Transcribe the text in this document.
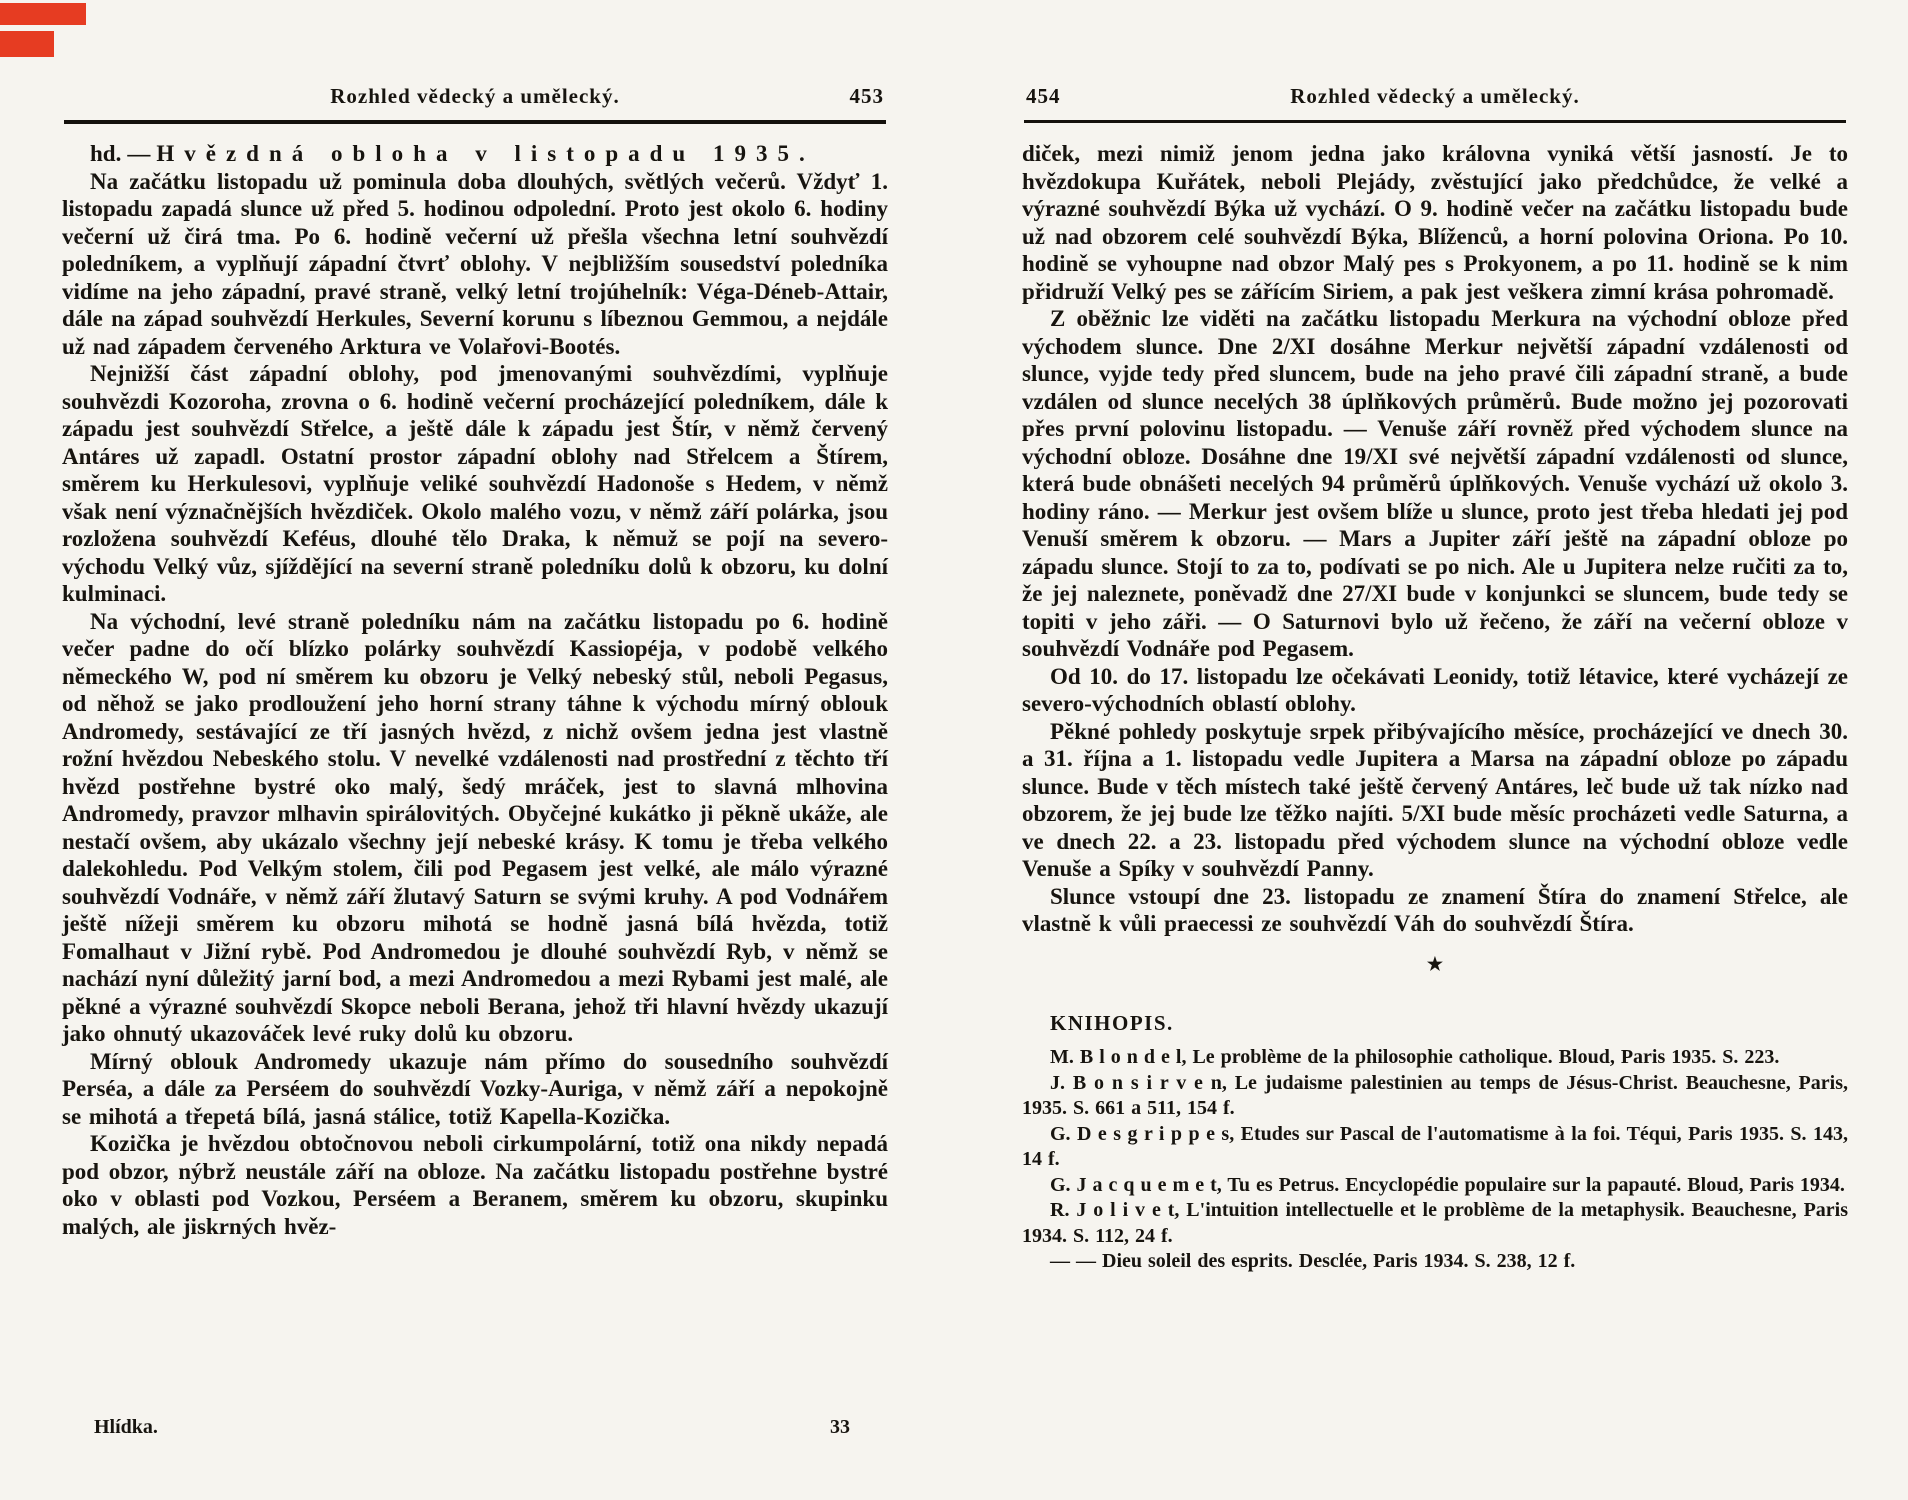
Rozhled vědecký a umělecký.	453

hd. — Hvězdná obloha v listopadu 1935.

Na začátku listopadu už pominula doba dlouhých, světlých večerů. Vždyť 1. listopadu zapadá slunce už před 5. hodinou odpolední. Proto jest okolo 6. hodiny večerní už čirá tma. Po 6. hodině večerní už přešla všechna letní souhvězdí poledníkem, a vyplňují západní čtvrť oblohy. V nejbližším sousedství poledníka vidíme na jeho západní, pravé straně, velký letní trojúhelník: Véga-Déneb-Attair, dále na západ souhvězdí Herkules, Severní korunu s líbeznou Gemmou, a nejdále už nad západem červeného Arktura ve Volařovi-Bootés.

Nejnižší část západní oblohy, pod jmenovanými souhvězdími, vyplňuje souhvězdi Kozoroha, zrovna o 6. hodině večerní procházející poledníkem, dále k západu jest souhvězdí Střelce, a ještě dále k západu jest Štír, v němž červený Antáres už zapadl. Ostatní prostor západní oblohy nad Střelcem a Štírem, směrem ku Herkulesovi, vyplňuje veliké souhvězdí Hadonoše s Hedem, v němž však není význačnějších hvězdiček. Okolo malého vozu, v němž září polárka, jsou rozložena souhvězdí Keféus, dlouhé tělo Draka, k němuž se pojí na severo-východu Velký vůz, sjíždějící na severní straně poledníku dolů k obzoru, ku dolní kulminaci.

Na východní, levé straně poledníku nám na začátku listopadu po 6. hodině večer padne do očí blízko polárky souhvězdí Kassiopéja, v podobě velkého německého W, pod ní směrem ku obzoru je Velký nebeský stůl, neboli Pegasus, od něhož se jako prodloužení jeho horní strany táhne k východu mírný oblouk Andromedy, sestávající ze tří jasných hvězd, z nichž ovšem jedna jest vlastně rožní hvězdou Nebeského stolu. V nevelké vzdálenosti nad prostřední z těchto tří hvězd postřehne bystré oko malý, šedý mráček, jest to slavná mlhovina Andromedy, pravzor mlhavin spirálovitých. Obyčejné kukátko ji pěkně ukáže, ale nestačí ovšem, aby ukázalo všechny její nebeské krásy. K tomu je třeba velkého dalekohledu. Pod Velkým stolem, čili pod Pegasem jest velké, ale málo výrazné souhvězdí Vodnáře, v němž září žlutavý Saturn se svými kruhy. A pod Vodnářem ještě nížeji směrem ku obzoru mihotá se hodně jasná bílá hvězda, totiž Fomalhaut v Jižní rybě. Pod Andromedou je dlouhé souhvězdí Ryb, v němž se nachází nyní důležitý jarní bod, a mezi Andromedou a mezi Rybami jest malé, ale pěkné a výrazné souhvězdí Skopce neboli Berana, jehož tři hlavní hvězdy ukazují jako ohnutý ukazováček levé ruky dolů ku obzoru.

Mírný oblouk Andromedy ukazuje nám přímo do sousedního souhvězdí Perséa, a dále za Perséem do souhvězdí Vozky-Auriga, v němž září a nepokojně se mihotá a třepetá bílá, jasná stálice, totiž Kapella-Kozička.

Kozička je hvězdou obtočnovou neboli cirkumpolární, totiž ona nikdy nepadá pod obzor, nýbrž neustále září na obloze. Na začátku listopadu postřehne bystré oko v oblasti pod Vozkou, Perséem a Beranem, směrem ku obzoru, skupinku malých, ale jiskrných hvěz-

Hlídka.	33
454	Rozhled vědecký a umělecký.

diček, mezi nimiž jenom jedna jako královna vyniká větší jasností. Je to hvězdokupa Kuřátek, neboli Plejády, zvěstující jako předchůdce, že velké a výrazné souhvězdí Býka už vychází. O 9. hodině večer na začátku listopadu bude už nad obzorem celé souhvězdí Býka, Blíženců, a horní polovina Oriona. Po 10. hodině se vyhoupne nad obzor Malý pes s Prokyonem, a po 11. hodině se k nim přidruží Velký pes se zářícím Siriem, a pak jest veškera zimní krása pohromadě.

Z oběžnic lze viděti na začátku listopadu Merkura na východní obloze před východem slunce. Dne 2/XI dosáhne Merkur největší západní vzdálenosti od slunce, vyjde tedy před sluncem, bude na jeho pravé čili západní straně, a bude vzdálen od slunce necelých 38 úplňkových průměrů. Bude možno jej pozorovati přes první polovinu listopadu. — Venuše září rovněž před východem slunce na východní obloze. Dosáhne dne 19/XI své největší západní vzdálenosti od slunce, která bude obnášeti necelých 94 průměrů úplňkových. Venuše vychází už okolo 3. hodiny ráno. — Merkur jest ovšem blíže u slunce, proto jest třeba hledati jej pod Venuší směrem k obzoru. — Mars a Jupiter září ještě na západní obloze po západu slunce. Stojí to za to, podívati se po nich. Ale u Jupitera nelze ručiti za to, že jej naleznete, poněvadž dne 27/XI bude v konjunkci se sluncem, bude tedy se topiti v jeho záři. — O Saturnovi bylo už řečeno, že září na večerní obloze v souhvězdí Vodnáře pod Pegasem.

Od 10. do 17. listopadu lze očekávati Leonidy, totiž létavice, které vycházejí ze severo-východních oblastí oblohy.

Pěkné pohledy poskytuje srpek přibývajícího měsíce, procházející ve dnech 30. a 31. října a 1. listopadu vedle Jupitera a Marsa na západní obloze po západu slunce. Bude v těch místech také ještě červený Antáres, leč bude už tak nízko nad obzorem, že jej bude lze těžko najíti. 5/XI bude měsíc procházeti vedle Saturna, a ve dnech 22. a 23. listopadu před východem slunce na východní obloze vedle Venuše a Spíky v souhvězdí Panny.

Slunce vstoupí dne 23. listopadu ze znamení Štíra do znamení Střelce, ale vlastně k vůli praecessi ze souhvězdí Váh do souhvězdí Štíra.

★

KNIHOPIS.

M. B l o n d e l, Le problème de la philosophie catholique. Bloud, Paris 1935. S. 223.

J. B o n s i r v e n, Le judaisme palestinien au temps de Jésus-Christ. Beauchesne, Paris, 1935. S. 661 a 511, 154 f.

G. D e s g r i p p e s, Etudes sur Pascal de l'automatisme à la foi. Téqui, Paris 1935. S. 143, 14 f.

G. J a c q u e m e t, Tu es Petrus. Encyclopédie populaire sur la papauté. Bloud, Paris 1934.

R. J o l i v e t, L'intuition intellectuelle et le problème de la metaphysik. Beauchesne, Paris 1934. S. 112, 24 f.

— — Dieu soleil des esprits. Desclée, Paris 1934. S. 238, 12 f.
